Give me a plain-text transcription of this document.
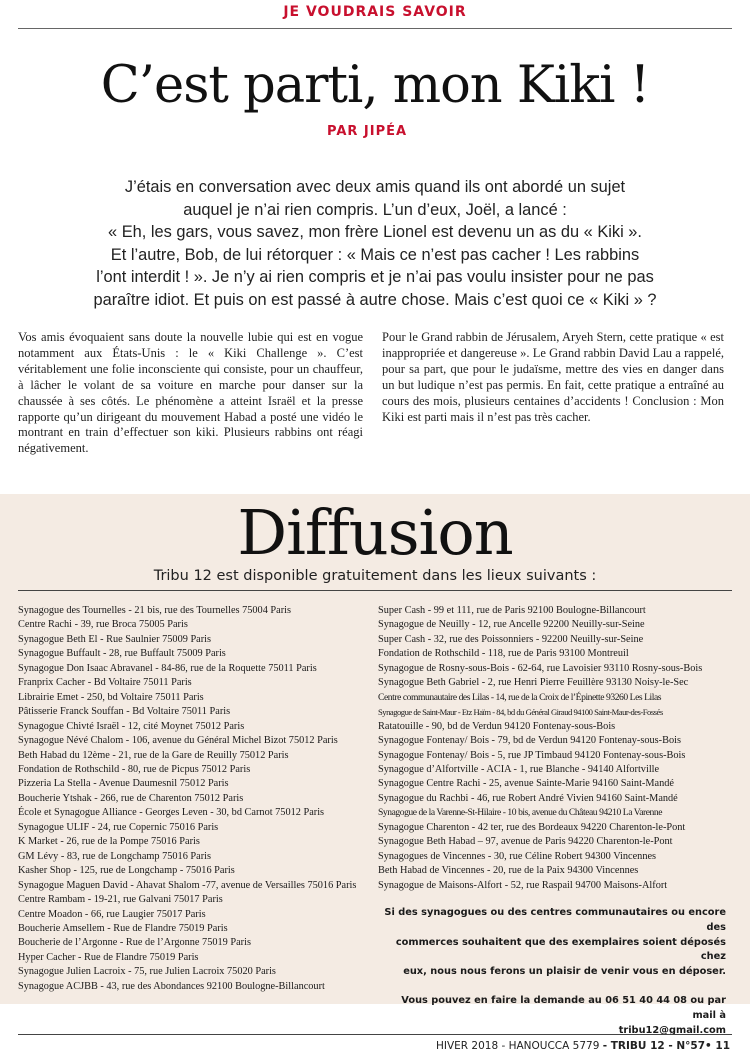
JE VOUDRAIS SAVOIR
C’est parti, mon Kiki !
PAR JIPÉA

J’étais en conversation avec deux amis quand ils ont abordé un sujet

auquel je n’ai rien compris. L’un d’eux, Joël, a lancé :

« Eh, les gars, vous savez, mon frère Lionel est devenu un as du « Kiki ».

Et l’autre, Bob, de lui rétorquer : « Mais ce n’est pas cacher ! Les rabbins

l’ont interdit ! ». Je n’y ai rien compris et je n’ai pas voulu insister pour ne pas

paraître idiot. Et puis on est passé à autre chose. Mais c’est quoi ce « Kiki » ?

Vos amis évoquaient sans doute la nouvelle lubie qui est en vogue notamment aux États-Unis : le « Kiki Challenge ». C’est véritablement une folie inconsciente qui consiste, pour un chauffeur, à lâcher le volant de sa voiture en marche pour danser sur la chaussée à ses côtés. Le phénomène a atteint Israël et la presse rapporte qu’un dirigeant du mouvement Habad a posté une vidéo le montrant en train d’effectuer son kiki. Plusieurs rabbins ont réagi négativement.

Pour le Grand rabbin de Jérusalem, Aryeh Stern, cette pratique « est inappropriée et dangereuse ». Le Grand rabbin David Lau a rappelé, pour sa part, que pour le judaïsme, mettre des vies en danger dans un but ludique n’est pas permis. En fait, cette pratique a entraîné au cours des mois, plusieurs centaines d’accidents ! Conclusion : Mon Kiki est parti mais il n’est pas très cacher.

Diffusion
Tribu 12 est disponible gratuitement dans les lieux suivants :
Synagogue des Tournelles - 21 bis, rue des Tournelles 75004 Paris
Centre Rachi - 39, rue Broca 75005 Paris
Synagogue Beth El - Rue Saulnier 75009 Paris
Synagogue Buffault - 28, rue Buffault 75009 Paris
Synagogue Don Isaac Abravanel - 84-86, rue de la Roquette 75011 Paris
Franprix Cacher - Bd Voltaire 75011 Paris
Librairie Emet - 250, bd Voltaire 75011 Paris
Pâtisserie Franck Souffan - Bd Voltaire 75011 Paris
Synagogue Chivté Israël - 12, cité Moynet 75012 Paris
Synagogue Névé Chalom - 106, avenue du Général Michel Bizot 75012 Paris
Beth Habad du 12ème - 21, rue de la Gare de Reuilly 75012 Paris
Fondation de Rothschild - 80, rue de Picpus 75012 Paris
Pizzeria La Stella - Avenue Daumesnil 75012 Paris
Boucherie Ytshak - 266, rue de Charenton 75012 Paris
École et Synagogue Alliance - Georges Leven - 30, bd Carnot 75012 Paris
Synagogue ULIF - 24, rue Copernic 75016 Paris
K Market - 26, rue de la Pompe 75016 Paris
GM Lévy - 83, rue de Longchamp 75016 Paris
Kasher Shop - 125, rue de Longchamp - 75016 Paris
Synagogue Maguen David - Ahavat Shalom -77, avenue de Versailles 75016 Paris
Centre Rambam - 19-21, rue Galvani 75017 Paris
Centre Moadon - 66, rue Laugier 75017 Paris
Boucherie Amsellem - Rue de Flandre 75019 Paris
Boucherie de l’Argonne - Rue de l’Argonne 75019 Paris
Hyper Cacher - Rue de Flandre 75019 Paris
Synagogue Julien Lacroix - 75, rue Julien Lacroix 75020 Paris
Synagogue ACJBB - 43, rue des Abondances 92100 Boulogne-Billancourt
Super Cash - 99 et 111, rue de Paris 92100 Boulogne-Billancourt
Synagogue de Neuilly - 12, rue Ancelle 92200 Neuilly-sur-Seine
Super Cash - 32, rue des Poissonniers - 92200 Neuilly-sur-Seine
Fondation de Rothschild - 118, rue de Paris 93100 Montreuil
Synagogue de Rosny-sous-Bois - 62-64, rue Lavoisier 93110 Rosny-sous-Bois
Synagogue Beth Gabriel - 2, rue Henri Pierre Feuillère 93130 Noisy-le-Sec
Centre communautaire des Lilas - 14, rue de la Croix de l’Épinette 93260 Les Lilas
Synagogue de Saint-Maur - Etz Haïm - 84, bd du Général Giraud 94100 Saint-Maur-des-Fossés
Ratatouille - 90, bd de Verdun 94120 Fontenay-sous-Bois
Synagogue Fontenay/ Bois - 79, bd de Verdun 94120 Fontenay-sous-Bois
Synagogue Fontenay/ Bois - 5, rue JP Timbaud 94120 Fontenay-sous-Bois
Synagogue d’Alfortville - ACIA - 1, rue Blanche - 94140 Alfortville
Synagogue Centre Rachi - 25, avenue Sainte-Marie 94160 Saint-Mandé
Synagogue du Rachbi - 46, rue Robert André Vivien 94160 Saint-Mandé
Synagogue de la Varenne-St-Hilaire - 10 bis, avenue du Château 94210 La Varenne
Synagogue Charenton - 42 ter, rue des Bordeaux 94220 Charenton-le-Pont
Synagogue Beth Habad – 97, avenue de Paris 94220 Charenton-le-Pont
Synagogues de Vincennes - 30, rue Céline Robert 94300 Vincennes
Beth Habad de Vincennes - 20, rue de la Paix 94300 Vincennes
Synagogue de Maisons-Alfort - 52, rue Raspail 94700 Maisons-Alfort

Si des synagogues ou des centres communautaires ou encore des

commerces souhaitent que des exemplaires soient déposés chez

eux, nous nous ferons un plaisir de venir vous en déposer.

Vous pouvez en faire la demande au 06 51 40 44 08 ou par mail à

tribu12@gmail.com

HIVER 2018 - HANOUCCA 5779 - TRIBU 12 - N°57• 11
